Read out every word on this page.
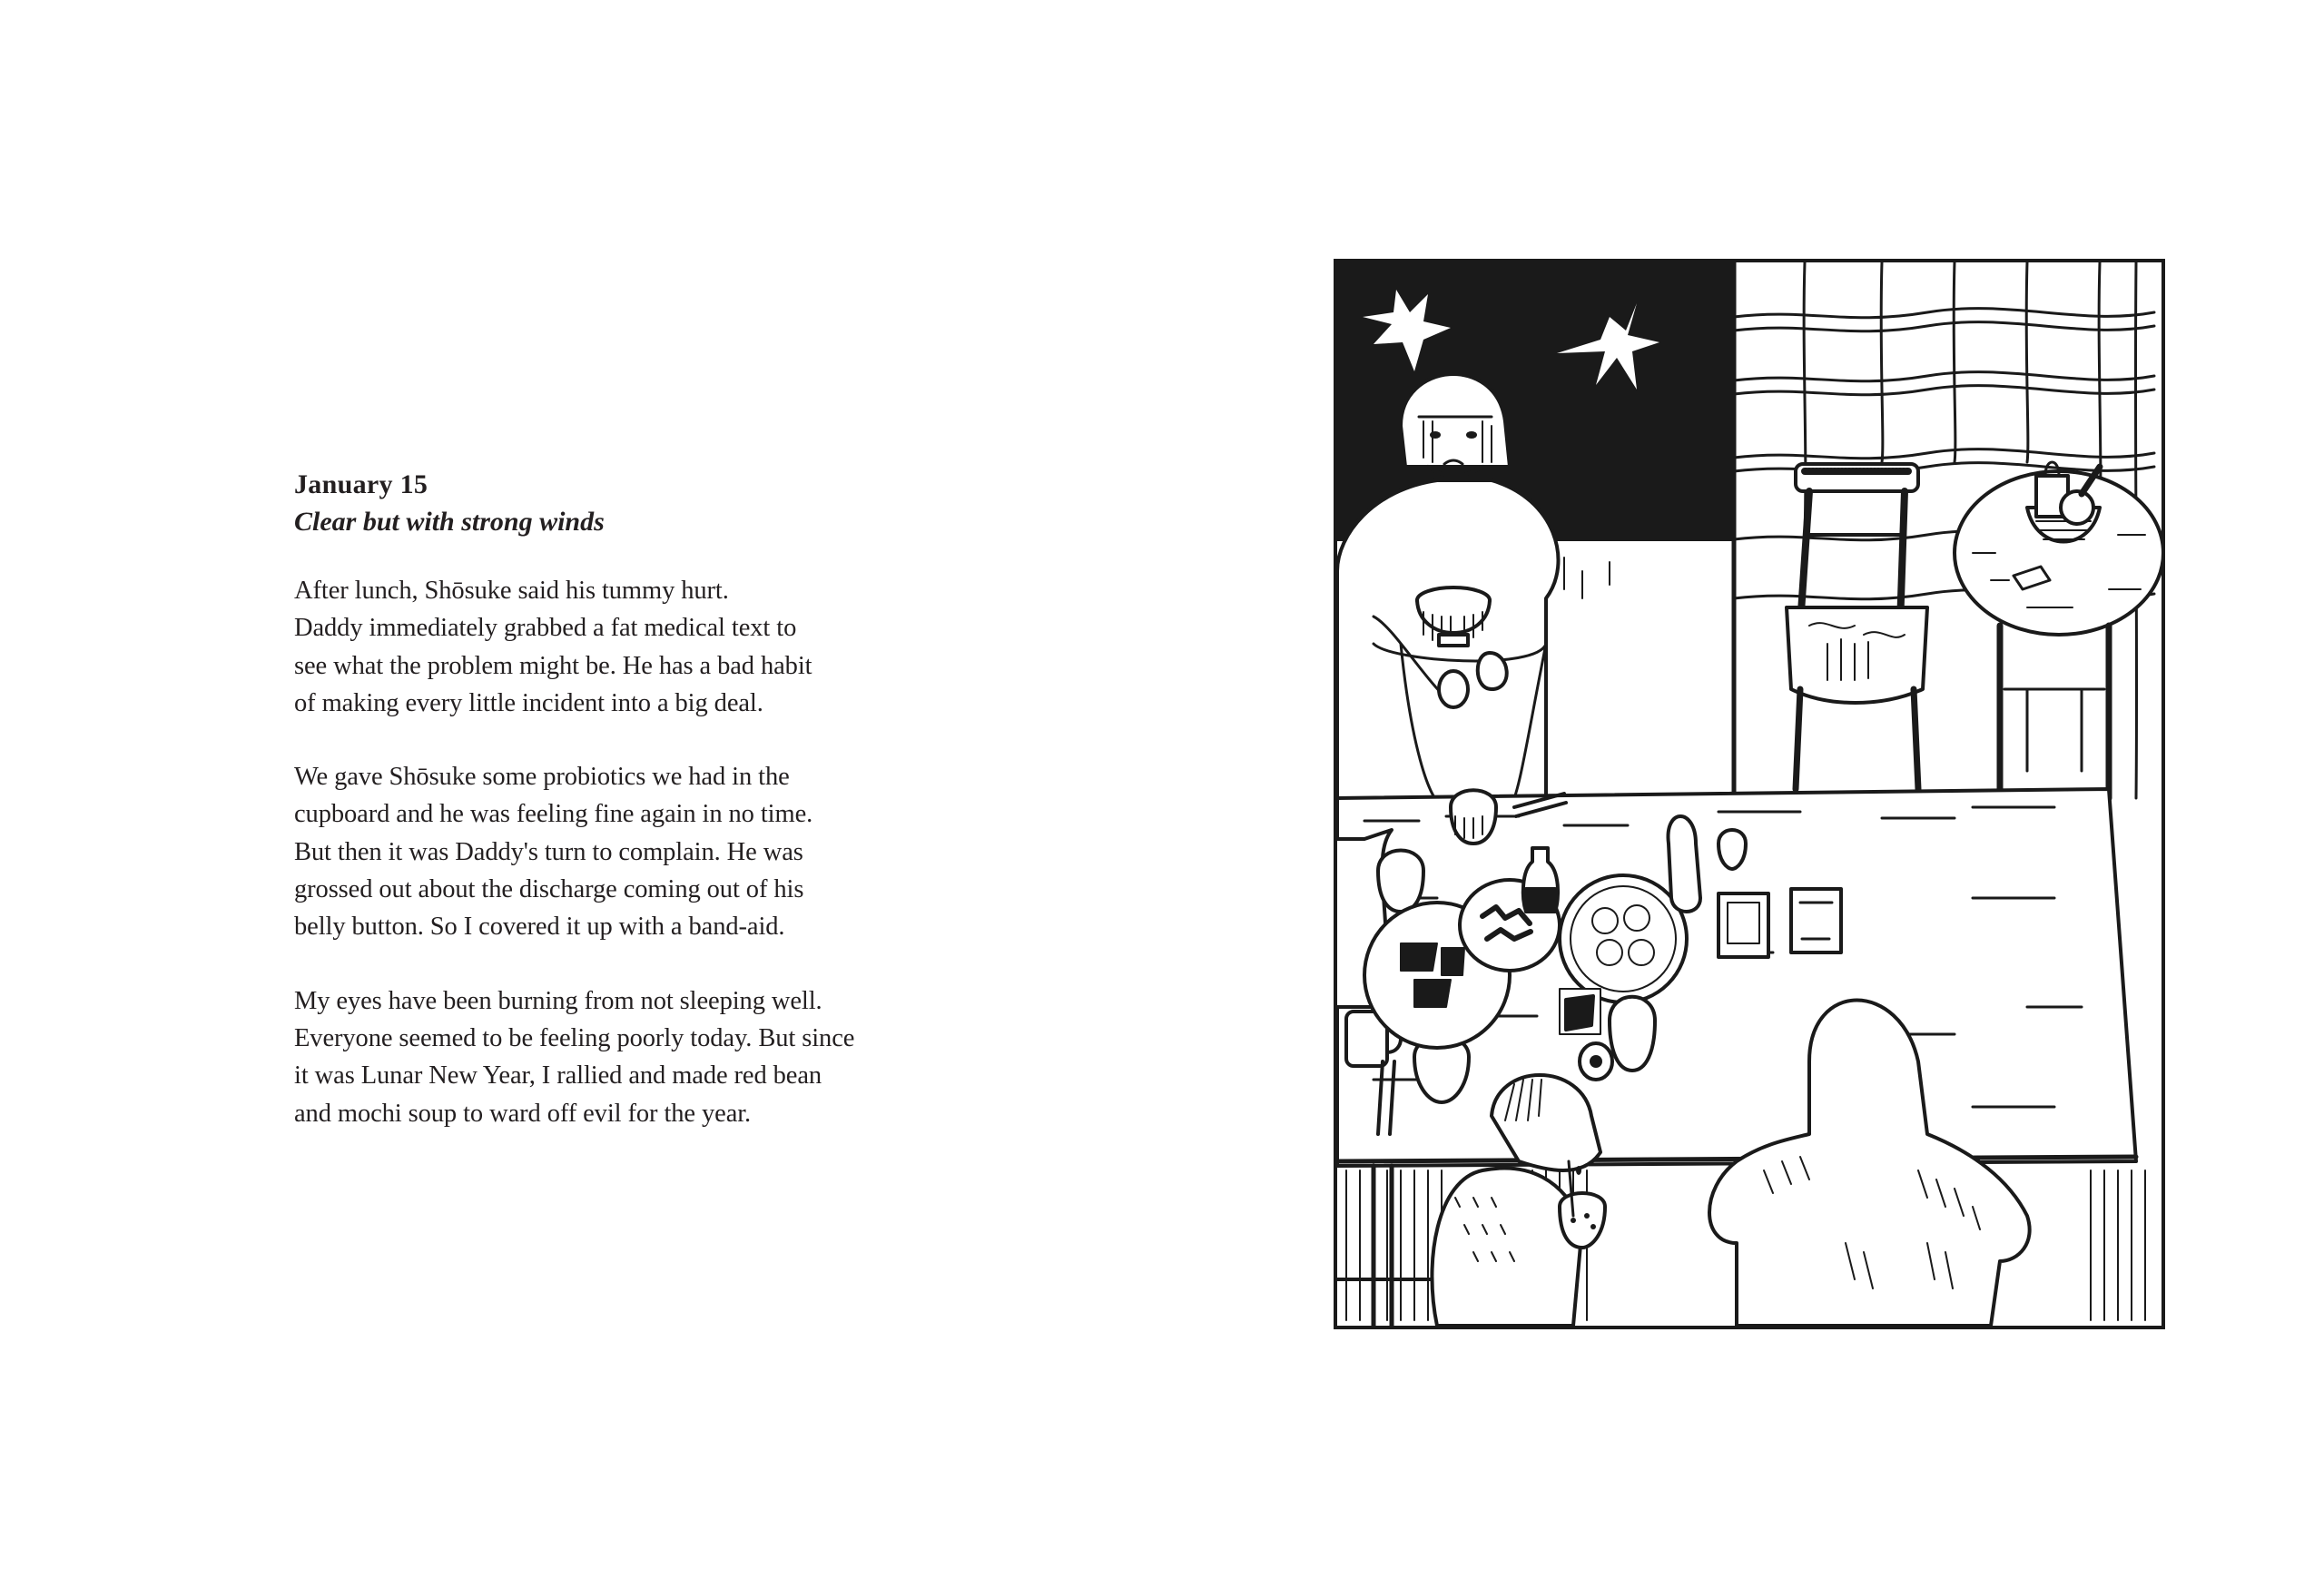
January 15
Clear but with strong winds

After lunch, Shōsuke said his tummy hurt.
Daddy immediately grabbed a fat medical text to
see what the problem might be. He has a bad habit
of making every little incident into a big deal.

We gave Shōsuke some probiotics we had in the
cupboard and he was feeling fine again in no time.
But then it was Daddy's turn to complain. He was
grossed out about the discharge coming out of his
belly button. So I covered it up with a band-aid.

My eyes have been burning from not sleeping well.
Everyone seemed to be feeling poorly today. But since
it was Lunar New Year, I rallied and made red bean
and mochi soup to ward off evil for the year.
